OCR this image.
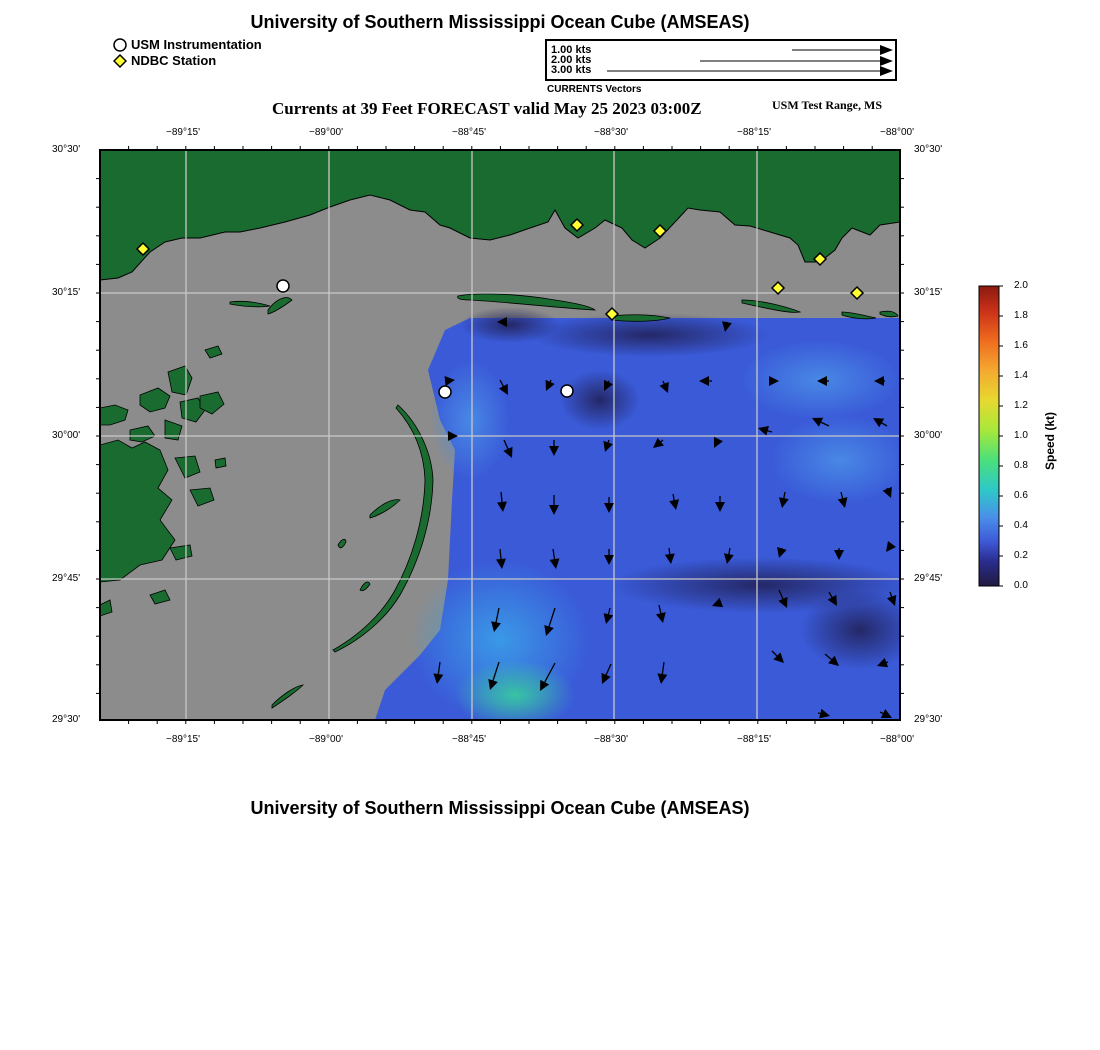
University of Southern Mississippi Ocean Cube (AMSEAS)
USM Instrumentation
NDBC Station
1.00 kts
2.00 kts
3.00 kts
CURRENTS Vectors
Currents at 39 Feet FORECAST valid May 25 2023 03:00Z	USM Test Range, MS
−89°15'	−89°00'	−88°45'	−88°30'	−88°15'	−88°00'
−89°15'	−89°00'	−88°45'	−88°30'	−88°15'	−88°00'
30°30'
30°15'
30°00'
29°45'
29°30'
30°30'
30°15'
30°00'
29°45'
29°30'
2.0
1.8
1.6
1.4
1.2
1.0
0.8
0.6
0.4
0.2
0.0
Speed (kt)
University of Southern Mississippi Ocean Cube (AMSEAS)
